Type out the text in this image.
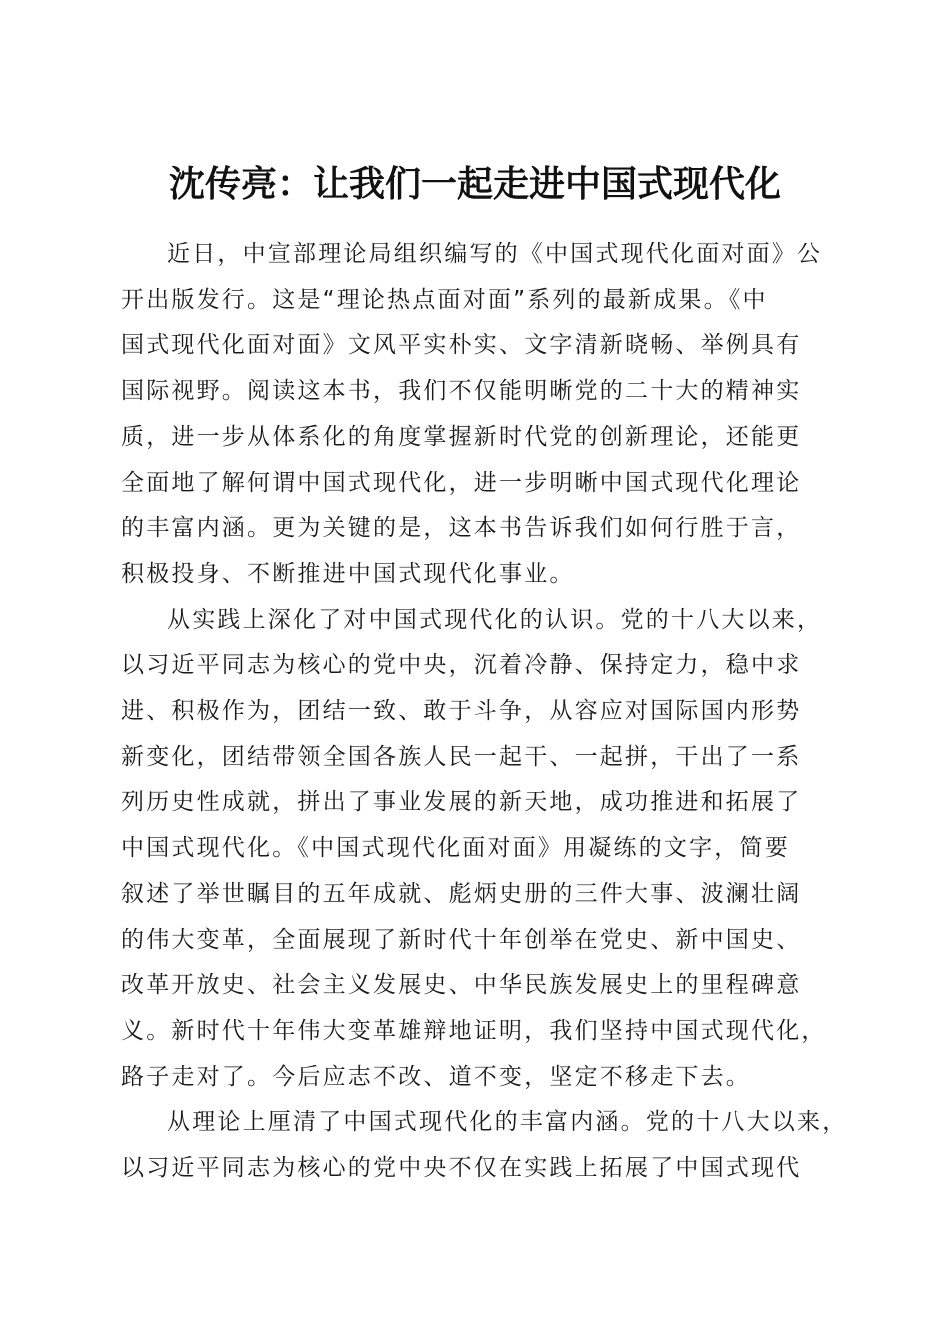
沈传亮：让我们一起走进中国式现代化

近日，中宣部理论局组织编写的《中国式现代化面对面》公
开出版发行。这是“理论热点面对面”系列的最新成果。《中
国式现代化面对面》文风平实朴实、文字清新晓畅、举例具有
国际视野。阅读这本书，我们不仅能明晰党的二十大的精神实
质，进一步从体系化的角度掌握新时代党的创新理论，还能更
全面地了解何谓中国式现代化，进一步明晰中国式现代化理论
的丰富内涵。更为关键的是，这本书告诉我们如何行胜于言，
积极投身、不断推进中国式现代化事业。

从实践上深化了对中国式现代化的认识。党的十八大以来，
以习近平同志为核心的党中央，沉着冷静、保持定力，稳中求
进、积极作为，团结一致、敢于斗争，从容应对国际国内形势
新变化，团结带领全国各族人民一起干、一起拼，干出了一系
列历史性成就，拼出了事业发展的新天地，成功推进和拓展了
中国式现代化。《中国式现代化面对面》用凝练的文字，简要
叙述了举世瞩目的五年成就、彪炳史册的三件大事、波澜壮阔
的伟大变革，全面展现了新时代十年创举在党史、新中国史、
改革开放史、社会主义发展史、中华民族发展史上的里程碑意
义。新时代十年伟大变革雄辩地证明，我们坚持中国式现代化，
路子走对了。今后应志不改、道不变，坚定不移走下去。

从理论上厘清了中国式现代化的丰富内涵。党的十八大以来，
以习近平同志为核心的党中央不仅在实践上拓展了中国式现代
